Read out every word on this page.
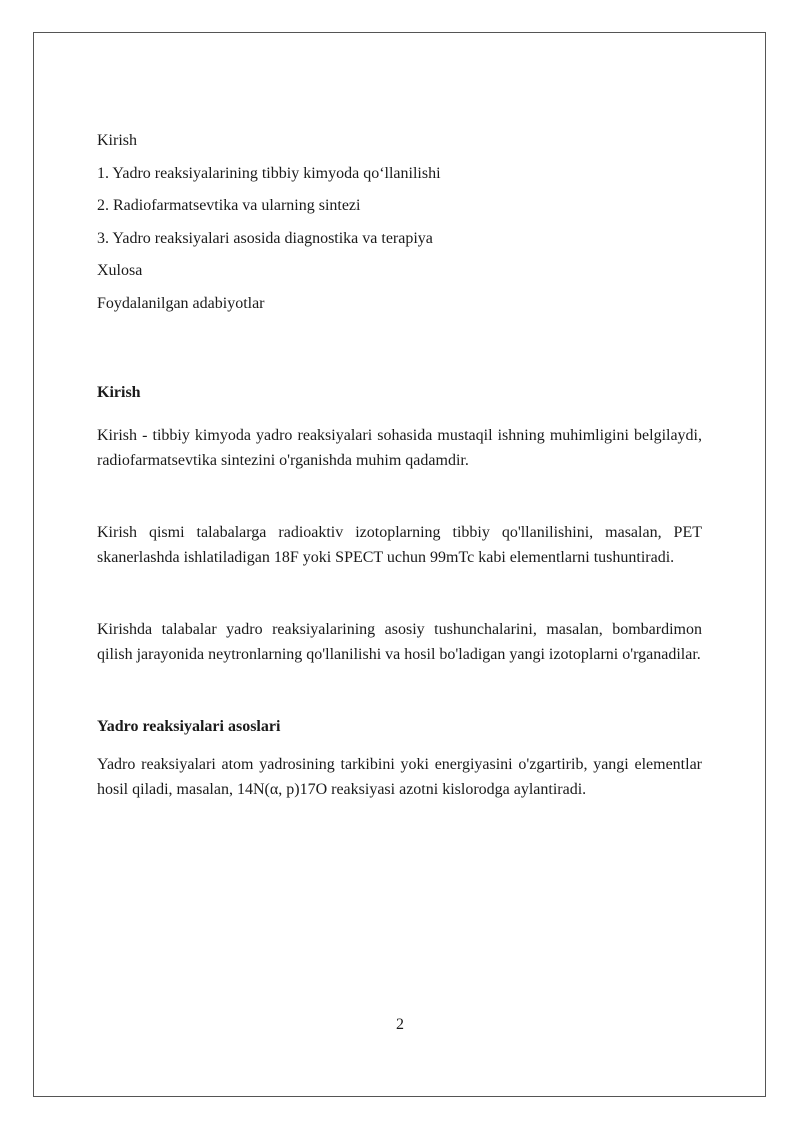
Kirish
1. Yadro reaksiyalarining tibbiy kimyoda qo‘llanilishi
2. Radiofarmatsevtika va ularning sintezi
3. Yadro reaksiyalari asosida diagnostika va terapiya
Xulosa
Foydalanilgan adabiyotlar
Kirish

Kirish - tibbiy kimyoda yadro reaksiyalari sohasida mustaqil ishning muhimligini belgilaydi, radiofarmatsevtika sintezini o'rganishda muhim qadamdir.

Kirish qismi talabalarga radioaktiv izotoplarning tibbiy qo'llanilishini, masalan, PET skanerlashda ishlatiladigan 18F yoki SPECT uchun 99mTc kabi elementlarni tushuntiradi.

Kirishda talabalar yadro reaksiyalarining asosiy tushunchalarini, masalan, bombardimon qilish jarayonida neytronlarning qo'llanilishi va hosil bo'ladigan yangi izotoplarni o'rganadilar.

Yadro reaksiyalari asoslari

Yadro reaksiyalari atom yadrosining tarkibini yoki energiyasini o'zgartirib, yangi elementlar hosil qiladi, masalan, 14N(α, p)17O reaksiyasi azotni kislorodga aylantiradi.

2
